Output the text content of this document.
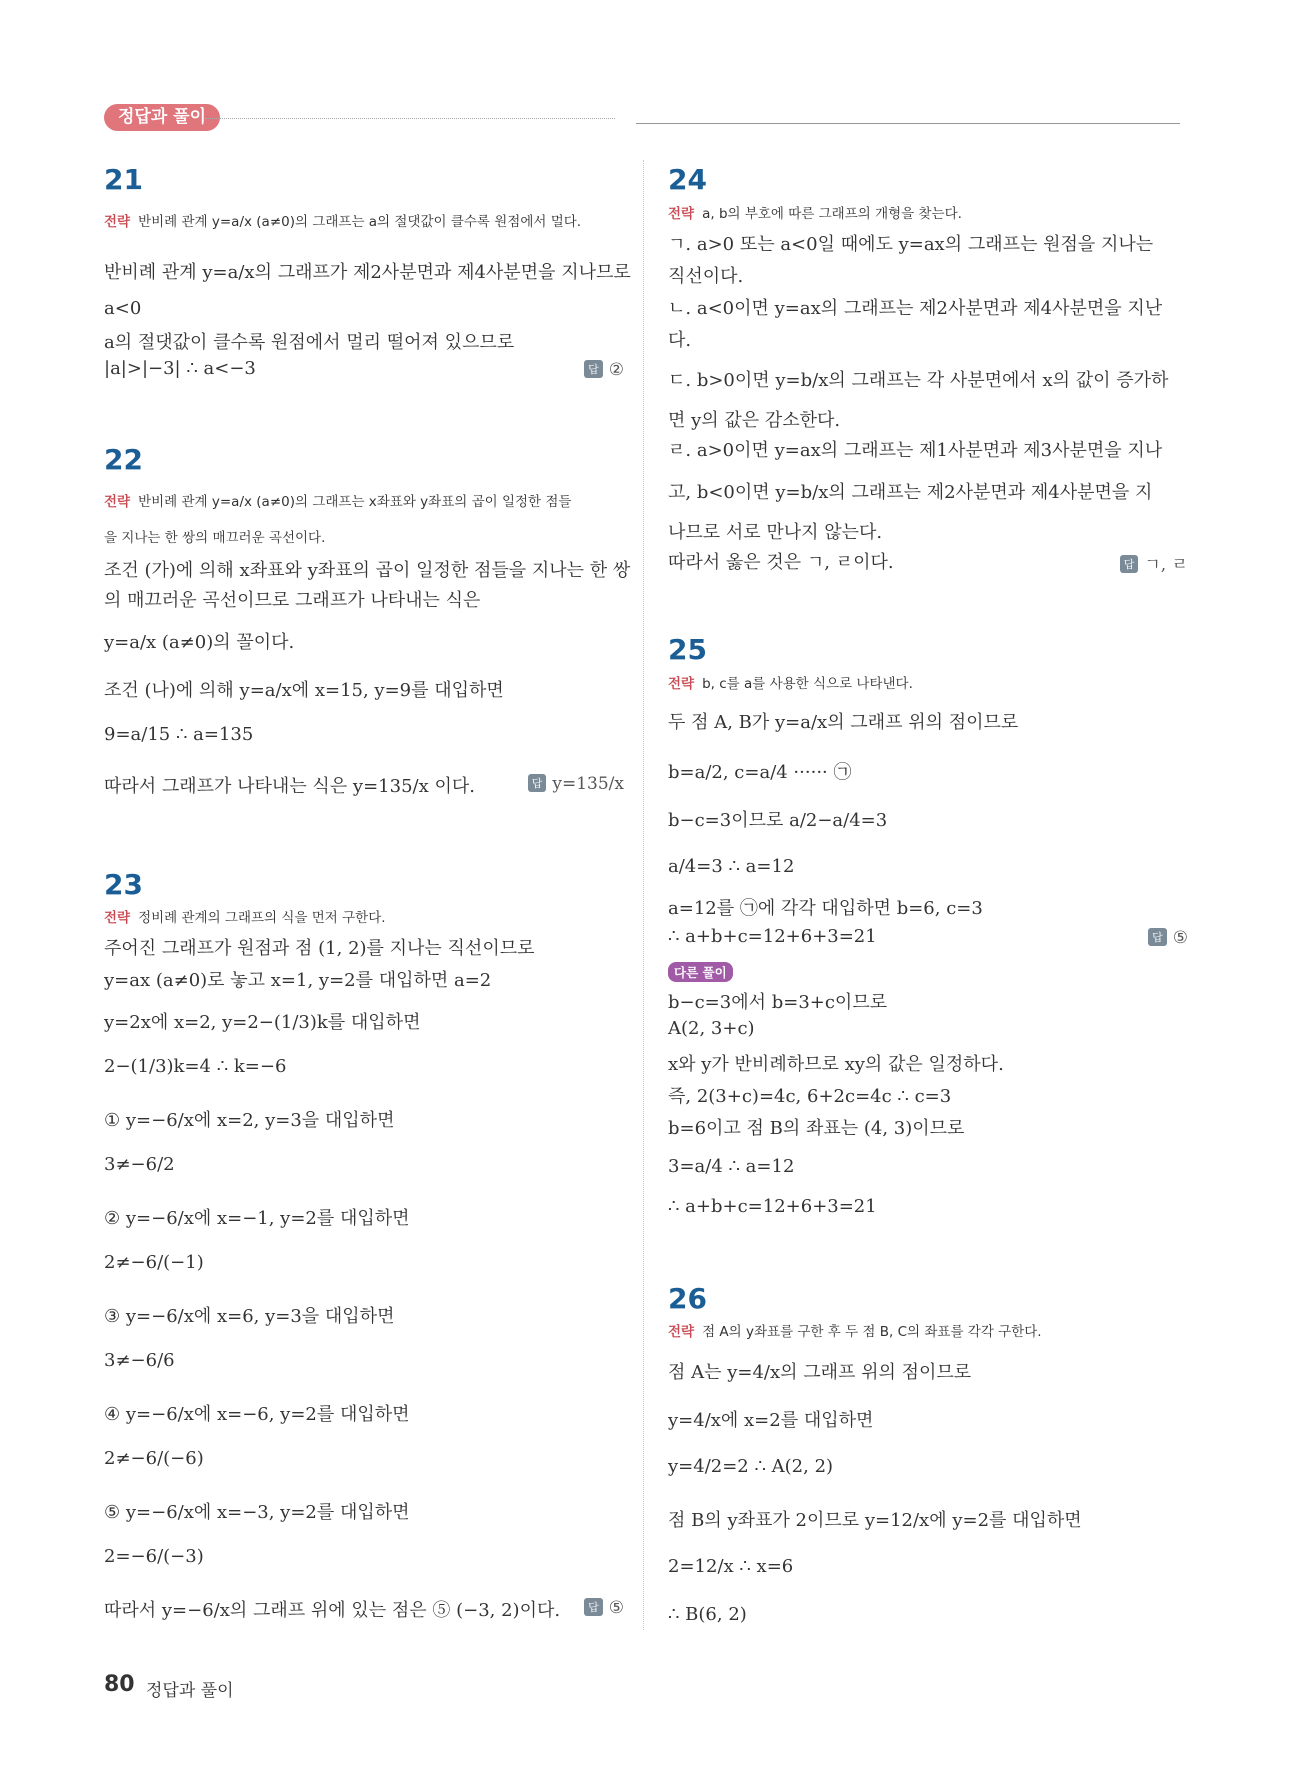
정답과 풀이
21
전략 반비례 관계 y=a/x (a≠0)의 그래프는 a의 절댓값이 클수록 원점에서 멀다.
반비례 관계 y=a/x의 그래프가 제2사분면과 제4사분면을 지나므로
a<0
a의 절댓값이 클수록 원점에서 멀리 떨어져 있으므로
|a|>|−3| ∴ a<−3	답 ②
22
전략 반비례 관계 y=a/x (a≠0)의 그래프는 x좌표와 y좌표의 곱이 일정한 점들
을 지나는 한 쌍의 매끄러운 곡선이다.
조건 (가)에 의해 x좌표와 y좌표의 곱이 일정한 점들을 지나는 한 쌍
의 매끄러운 곡선이므로 그래프가 나타내는 식은
y=a/x (a≠0)의 꼴이다.
조건 (나)에 의해 y=a/x에 x=15, y=9를 대입하면
9=a/15 ∴ a=135
따라서 그래프가 나타내는 식은 y=135/x 이다.	답 y=135/x
23
전략 정비례 관계의 그래프의 식을 먼저 구한다.
주어진 그래프가 원점과 점 (1, 2)를 지나는 직선이므로
y=ax (a≠0)로 놓고 x=1, y=2를 대입하면 a=2
y=2x에 x=2, y=2−(1/3)k를 대입하면
2−(1/3)k=4 ∴ k=−6
① y=−6/x에 x=2, y=3을 대입하면
3≠−6/2
② y=−6/x에 x=−1, y=2를 대입하면
2≠−6/(−1)
③ y=−6/x에 x=6, y=3을 대입하면
3≠−6/6
④ y=−6/x에 x=−6, y=2를 대입하면
2≠−6/(−6)
⑤ y=−6/x에 x=−3, y=2를 대입하면
2=−6/(−3)
따라서 y=−6/x의 그래프 위에 있는 점은 ⑤ (−3, 2)이다.	답 ⑤
24
전략 a, b의 부호에 따른 그래프의 개형을 찾는다.
ㄱ. a>0 또는 a<0일 때에도 y=ax의 그래프는 원점을 지나는
직선이다.
ㄴ. a<0이면 y=ax의 그래프는 제2사분면과 제4사분면을 지난
다.
ㄷ. b>0이면 y=b/x의 그래프는 각 사분면에서 x의 값이 증가하
면 y의 값은 감소한다.
ㄹ. a>0이면 y=ax의 그래프는 제1사분면과 제3사분면을 지나
고, b<0이면 y=b/x의 그래프는 제2사분면과 제4사분면을 지
나므로 서로 만나지 않는다.
따라서 옳은 것은 ㄱ, ㄹ이다.	답 ㄱ, ㄹ
25
전략 b, c를 a를 사용한 식으로 나타낸다.
두 점 A, B가 y=a/x의 그래프 위의 점이므로
b=a/2, c=a/4 ······ ㉠
b−c=3이므로 a/2−a/4=3
a/4=3 ∴ a=12
a=12를 ㉠에 각각 대입하면 b=6, c=3
∴ a+b+c=12+6+3=21	답 ⑤
다른 풀이
b−c=3에서 b=3+c이므로
A(2, 3+c)
x와 y가 반비례하므로 xy의 값은 일정하다.
즉, 2(3+c)=4c, 6+2c=4c ∴ c=3
b=6이고 점 B의 좌표는 (4, 3)이므로
3=a/4 ∴ a=12
∴ a+b+c=12+6+3=21
26
전략 점 A의 y좌표를 구한 후 두 점 B, C의 좌표를 각각 구한다.
점 A는 y=4/x의 그래프 위의 점이므로
y=4/x에 x=2를 대입하면
y=4/2=2 ∴ A(2, 2)
점 B의 y좌표가 2이므로 y=12/x에 y=2를 대입하면
2=12/x ∴ x=6
∴ B(6, 2)
80 정답과 풀이
